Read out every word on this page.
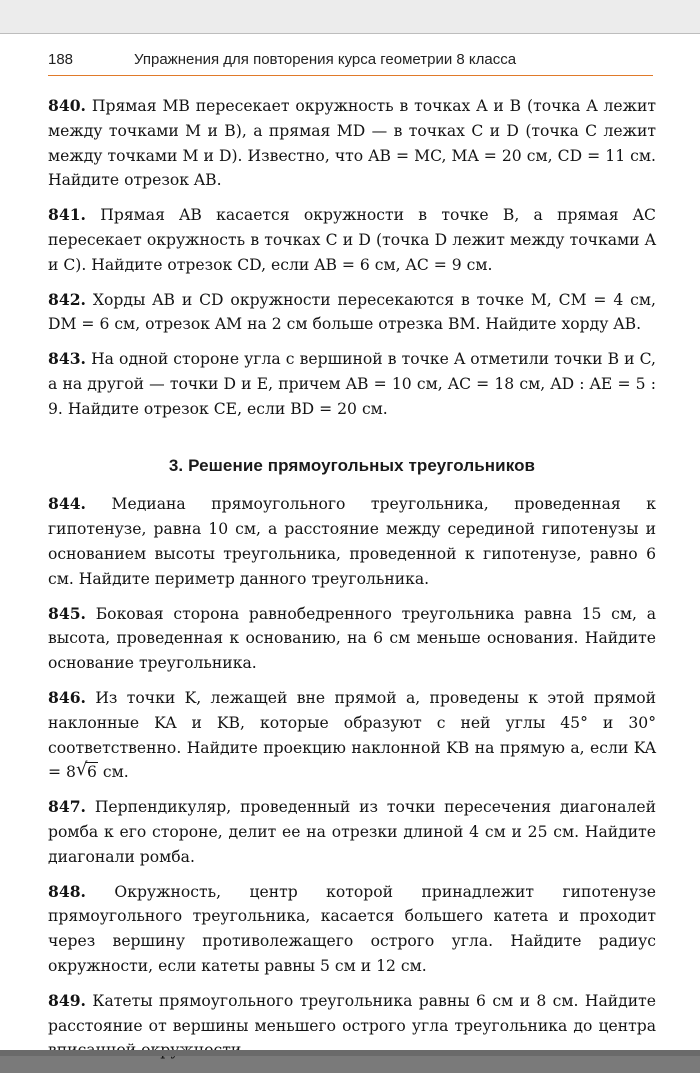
188	Упражнения для повторения курса геометрии 8 класса

840. Прямая MB пересекает окружность в точках A и B (точка A лежит между точками M и B), а прямая MD — в точках C и D (точка C лежит между точками M и D). Известно, что AB = MC, MA = 20 см, CD = 11 см. Найдите отрезок AB.

841. Прямая AB касается окружности в точке B, а прямая AC пересекает окружность в точках C и D (точка D лежит между точками A и C). Найдите отрезок CD, если AB = 6 см, AC = 9 см.

842. Хорды AB и CD окружности пересекаются в точке M, CM = 4 см, DM = 6 см, отрезок AM на 2 см больше отрезка BM. Найдите хорду AB.

843. На одной стороне угла с вершиной в точке A отметили точки B и C, а на другой — точки D и E, причем AB = 10 см, AC = 18 см, AD : AE = 5 : 9. Найдите отрезок CE, если BD = 20 см.

3. Решение прямоугольных треугольников

844. Медиана прямоугольного треугольника, проведенная к гипотенузе, равна 10 см, а расстояние между серединой гипотенузы и основанием высоты треугольника, проведенной к гипотенузе, равно 6 см. Найдите периметр данного треугольника.

845. Боковая сторона равнобедренного треугольника равна 15 см, а высота, проведенная к основанию, на 6 см меньше основания. Найдите основание треугольника.

846. Из точки K, лежащей вне прямой a, проведены к этой прямой наклонные KA и KB, которые образуют с ней углы 45° и 30° соответственно. Найдите проекцию наклонной KB на прямую a, если KA = 8 √ 6 см.

847. Перпендикуляр, проведенный из точки пересечения диагоналей ромба к его стороне, делит ее на отрезки длиной 4 см и 25 см. Найдите диагонали ромба.

848. Окружность, центр которой принадлежит гипотенузе прямоугольного треугольника, касается большего катета и проходит через вершину противолежащего острого угла. Найдите радиус окружности, если катеты равны 5 см и 12 см.

849. Катеты прямоугольного треугольника равны 6 см и 8 см. Найдите расстояние от вершины меньшего острого угла треугольника до центра
